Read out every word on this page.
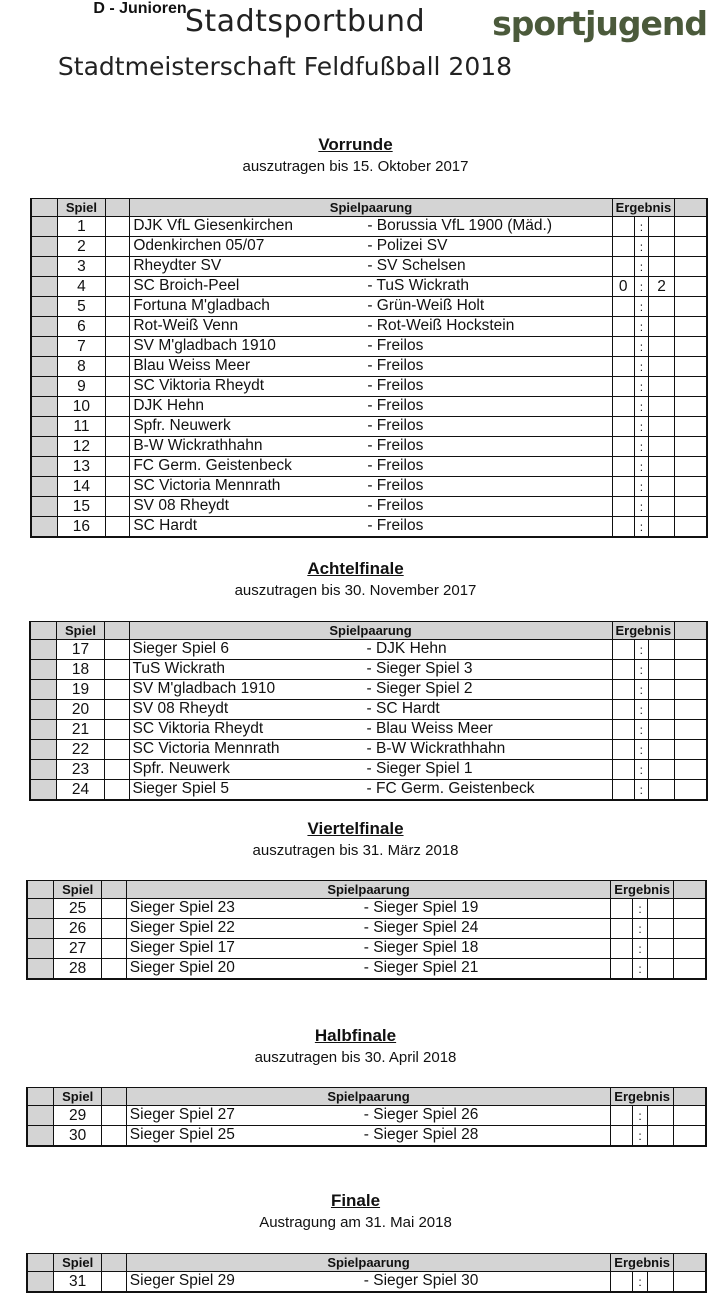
Stadtsportbund	sportjugend
Stadtmeisterschaft Feldfußball 2018
D - Junioren
Vorrunde
auszutragen bis 15. Oktober 2017
	Spiel		Spielpaarung	Ergebnis			
	1		DJK VfL Giesenkirchen - Borussia VfL 1900 (Mäd.)		:		
	2		Odenkirchen 05/07 - Polizei SV		:		
	3		Rheydter SV - SV Schelsen		:		
	4		SC Broich-Peel - TuS Wickrath	0	:	2	
	5		Fortuna M'gladbach - Grün-Weiß Holt		:		
	6		Rot-Weiß Venn - Rot-Weiß Hockstein		:		
	7		SV M'gladbach 1910 - Freilos		:		
	8		Blau Weiss Meer - Freilos		:		
	9		SC Viktoria Rheydt - Freilos		:		
	10		DJK Hehn - Freilos		:		
	11		Spfr. Neuwerk - Freilos		:		
	12		B-W Wickrathhahn - Freilos		:		
	13		FC Germ. Geistenbeck - Freilos		:		
	14		SC Victoria Mennrath - Freilos		:		
	15		SV 08 Rheydt - Freilos		:		
	16		SC Hardt - Freilos		:		
Achtelfinale
auszutragen bis 30. November 2017
	Spiel		Spielpaarung	Ergebnis			
	17		Sieger Spiel 6 - DJK Hehn		:		
	18		TuS Wickrath - Sieger Spiel 3		:		
	19		SV M'gladbach 1910 - Sieger Spiel 2		:		
	20		SV 08 Rheydt - SC Hardt		:		
	21		SC Viktoria Rheydt - Blau Weiss Meer		:		
	22		SC Victoria Mennrath - B-W Wickrathhahn		:		
	23		Spfr. Neuwerk - Sieger Spiel 1		:		
	24		Sieger Spiel 5 - FC Germ. Geistenbeck		:		
Viertelfinale
auszutragen bis 31. März 2018
	Spiel		Spielpaarung	Ergebnis			
	25		Sieger Spiel 23 - Sieger Spiel 19		:		
	26		Sieger Spiel 22 - Sieger Spiel 24		:		
	27		Sieger Spiel 17 - Sieger Spiel 18		:		
	28		Sieger Spiel 20 - Sieger Spiel 21		:		
Halbfinale
auszutragen bis 30. April 2018
	Spiel		Spielpaarung	Ergebnis			
	29		Sieger Spiel 27 - Sieger Spiel 26		:		
	30		Sieger Spiel 25 - Sieger Spiel 28		:		
Finale
Austragung am 31. Mai 2018
	Spiel		Spielpaarung	Ergebnis			
	31		Sieger Spiel 29 - Sieger Spiel 30		:		
